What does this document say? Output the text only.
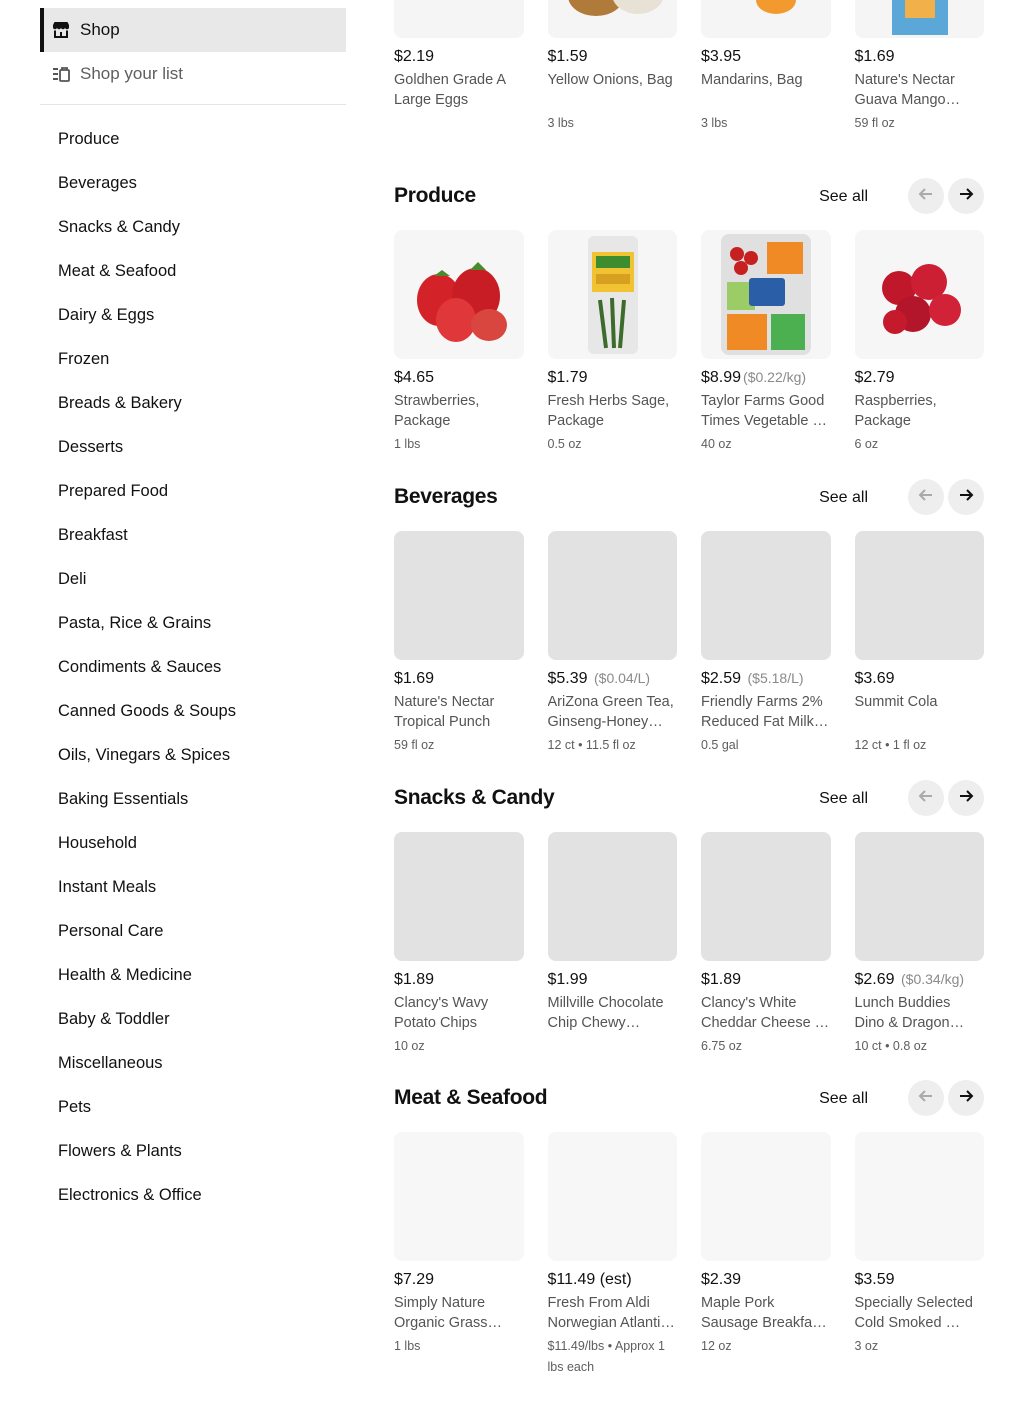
Shop
Shop your list
Produce
Beverages
Snacks & Candy
Meat & Seafood
Dairy & Eggs
Frozen
Breads & Bakery
Desserts
Prepared Food
Breakfast
Deli
Pasta, Rice & Grains
Condiments & Sauces
Canned Goods & Soups
Oils, Vinegars & Spices
Baking Essentials
Household
Instant Meals
Personal Care
Health & Medicine
Baby & Toddler
Miscellaneous
Pets
Flowers & Plants
Electronics & Office
$2.19
Goldhen Grade A Large Eggs
$1.59
Yellow Onions, Bag
3 lbs
$3.95
Mandarins, Bag
3 lbs
$1.69
Nature's Nectar Guava Mango
59 fl oz
Produce	See all
$4.65
Strawberries, Package
1 lbs
$1.79
Fresh Herbs Sage, Package
0.5 oz
$8.99 ($0.22/kg)
Taylor Farms Good Times Vegetable …
40 oz
$2.79
Raspberries, Package
6 oz
Beverages	See all
$1.69
Nature's Nectar Tropical Punch
59 fl oz
$5.39 ($0.04/L)
AriZona Green Tea, Ginseng-Honey
12 ct • 11.5 fl oz
$2.59 ($5.18/L)
Friendly Farms 2% Reduced Fat Milk
0.5 gal
$3.69
Summit Cola
12 ct • 1 fl oz
Snacks & Candy	See all
$1.89
Clancy's Wavy Potato Chips
10 oz
$1.99
Millville Chocolate Chip Chewy
$1.89
Clancy's White Cheddar Cheese …
6.75 oz
$2.69 ($0.34/kg)
Lunch Buddies Dino & Dragon
10 ct • 0.8 oz
Meat & Seafood	See all
$7.29
Simply Nature Organic Grass
1 lbs
$11.49 (est)
Fresh From Aldi Norwegian Atlanti…
$11.49/lbs • Approx 1 lbs each
$2.39
Maple Pork Sausage Breakfast
12 oz
$3.59
Specially Selected Cold Smoked …
3 oz
